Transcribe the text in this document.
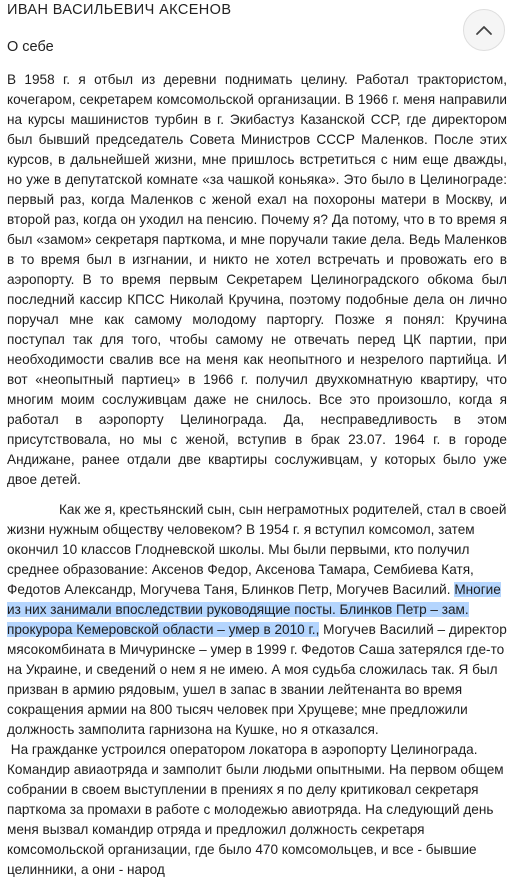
ИВАН ВАСИЛЬЕВИЧ АКСЕНОВ
О себе

В 1958 г. я отбыл из деревни поднимать целину. Работал трактористом, кочегаром, секретарем комсомольской организации. В 1966 г. меня направили на курсы машинистов турбин в г. Экибастуз Казанской ССР, где директором был бывший председатель Совета Министров СССР Маленков. После этих курсов, в дальнейшей жизни, мне пришлось встретиться с ним еще дважды, но уже в депутатской комнате «за чашкой коньяка». Это было в Целинограде: первый раз, когда Маленков с женой ехал на похороны матери в Москву, и второй раз, когда он уходил на пенсию. Почему я? Да потому, что в то время я был «замом» секретаря парткома, и мне поручали такие дела. Ведь Маленков в то время был в изгнании, и никто не хотел встречать и провожать его в аэропорту. В то время первым Секретарем Целиноградского обкома был последний кассир КПСС Николай Кручина, поэтому подобные дела он лично поручал мне как самому молодому парторгу. Позже я понял: Кручина поступал так для того, чтобы самому не отвечать перед ЦК партии, при необходимости свалив все на меня как неопытного и незрелого партийца. И вот «неопытный партиец» в 1966 г. получил двухкомнатную квартиру, что многим моим сослуживцам даже не снилось. Все это произошло, когда я работал в аэропорту Целинограда. Да, несправедливость в этом присутствовала, но мы с женой, вступив в брак 23.07. 1964 г. в городе Андижане, ранее отдали две квартиры сослуживцам, у которых было уже двое детей.

Как же я, крестьянский сын, сын неграмотных родителей, стал в своей жизни нужным обществу человеком? В 1954 г. я вступил комсомол, затем окончил 10 классов Глодневской школы. Мы были первыми, кто получил среднее образование: Аксенов Федор, Аксенова Тамара, Сембиева Катя, Федотов Александр, Могучева Таня, Блинков Петр, Могучев Василий. Многие из них занимали впоследствии руководящие посты. Блинков Петр – зам. прокурора Кемеровской области – умер в 2010 г., Могучев Василий – директор мясокомбината в Мичуринске – умер в 1999 г. Федотов Саша затерялся где-то на Украине, и сведений о нем я не имею. А моя судьба сложилась так. Я был призван в армию рядовым, ушел в запас в звании лейтенанта во время сокращения армии на 800 тысяч человек при Хрущеве; мне предложили должность замполита гарнизона на Кушке, но я отказался.

На гражданке устроился оператором локатора в аэропорту Целинограда. Командир авиаотряда и замполит были людьми опытными. На первом общем собрании в своем выступлении в прениях я по делу критиковал секретаря парткома за промахи в работе с молодежью авиотряда. На следующий день меня вызвал командир отряда и предложил должность секретаря комсомольской организации, где было 470 комсомольцев, и все - бывшие целинники, а они - народ
